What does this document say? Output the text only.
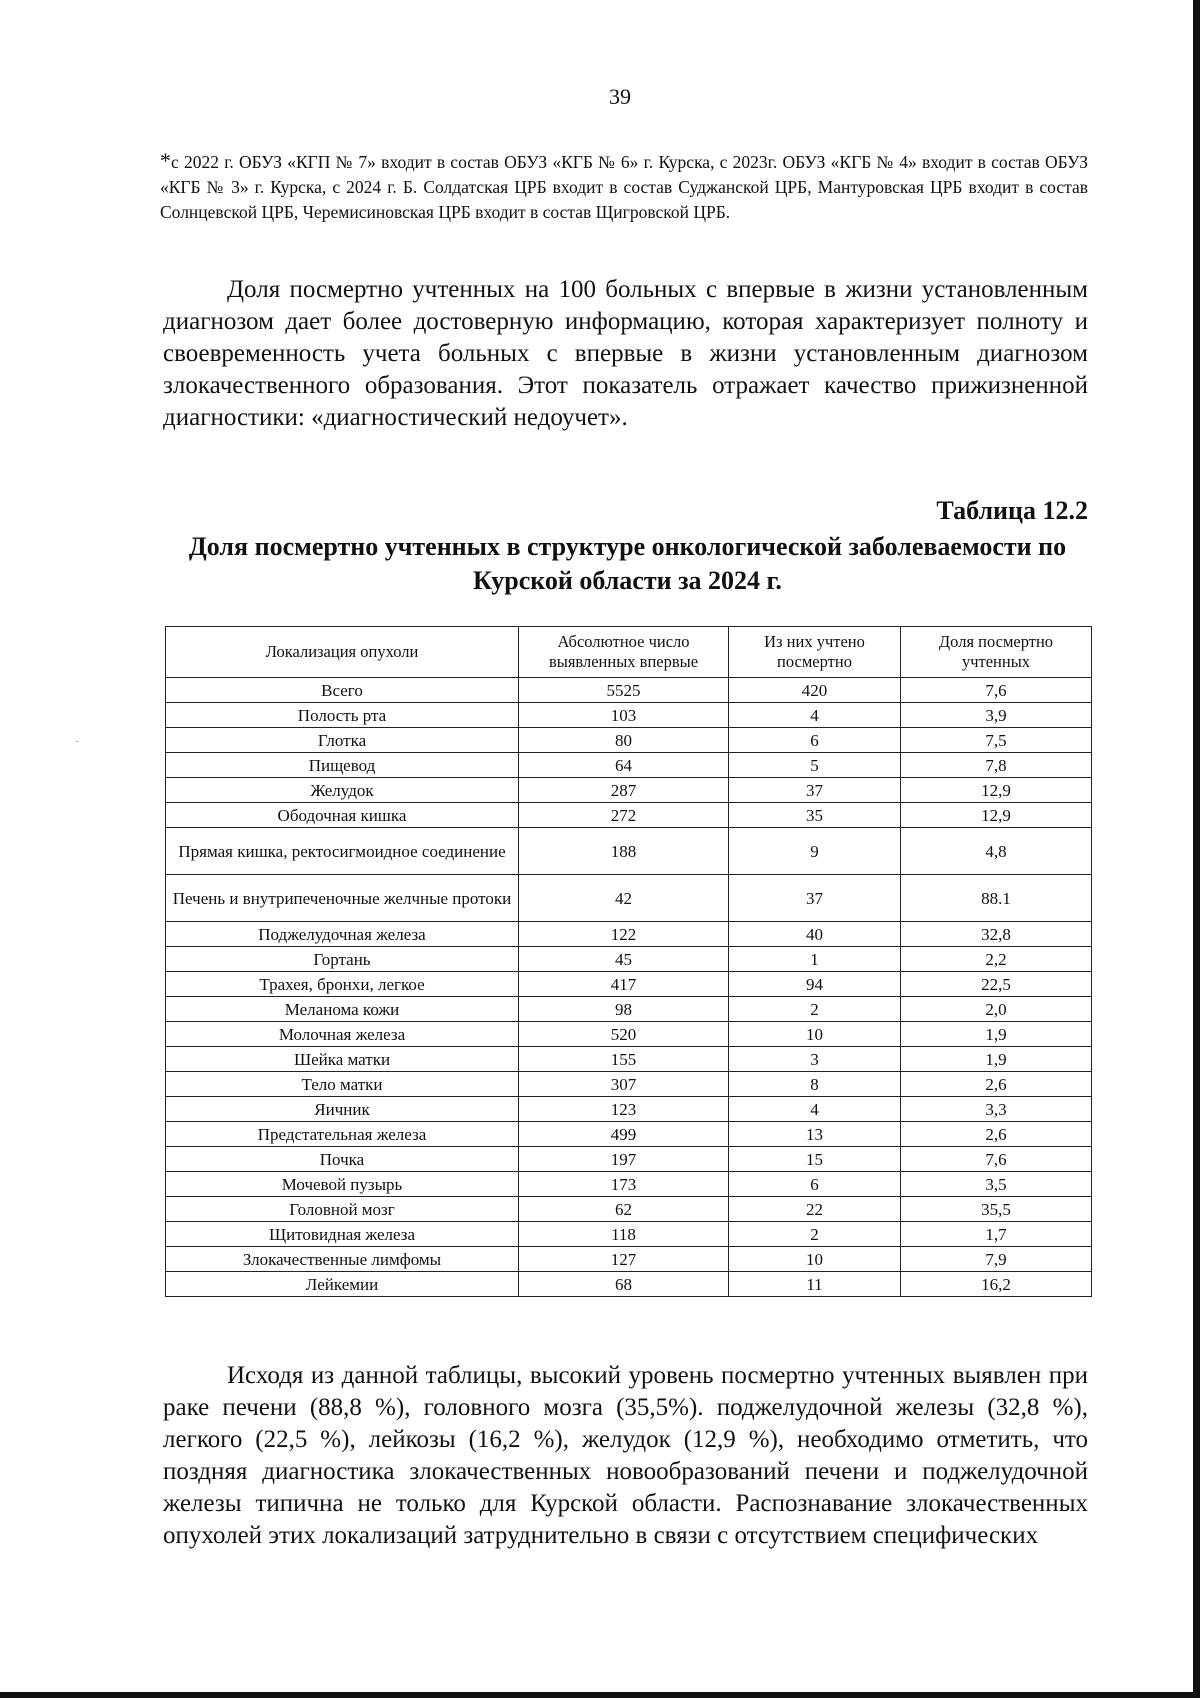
·
39
*с 2022 г. ОБУЗ «КГП № 7» входит в состав ОБУЗ «КГБ № 6» г. Курска, с 2023г. ОБУЗ «КГБ № 4» входит в состав ОБУЗ «КГБ № 3» г. Курска, с 2024 г. Б. Солдатская ЦРБ входит в состав Суджанской ЦРБ, Мантуровская ЦРБ входит в состав Солнцевской ЦРБ, Черемисиновская ЦРБ входит в состав Щигровской ЦРБ.

Доля посмертно учтенных на 100 больных с впервые в жизни установленным диагнозом дает более достоверную информацию, которая характеризует полноту и своевременность учета больных с впервые в жизни установленным диагнозом злокачественного образования. Этот показатель отражает качество прижизненной диагностики: «диагностический недоучет».

Таблица 12.2
Доля посмертно учтенных в структуре онкологической заболеваемости по Курской области за 2024 г.
Локализация опухоли	Абсолютное число выявленных впервые	Из них учтено посмертно	Доля посмертно учтенных
Всего	5525	420	7,6
Полость рта	103	4	3,9
Глотка	80	6	7,5
Пищевод	64	5	7,8
Желудок	287	37	12,9
Ободочная кишка	272	35	12,9
Прямая кишка, ректосигмоидное соединение	188	9	4,8
Печень и внутрипеченочные желчные протоки	42	37	88.1
Поджелудочная железа	122	40	32,8
Гортань	45	1	2,2
Трахея, бронхи, легкое	417	94	22,5
Меланома кожи	98	2	2,0
Молочная железа	520	10	1,9
Шейка матки	155	3	1,9
Тело матки	307	8	2,6
Яичник	123	4	3,3
Предстательная железа	499	13	2,6
Почка	197	15	7,6
Мочевой пузырь	173	6	3,5
Головной мозг	62	22	35,5
Щитовидная железа	118	2	1,7
Злокачественные лимфомы	127	10	7,9
Лейкемии	68	11	16,2

Исходя из данной таблицы, высокий уровень посмертно учтенных выявлен при раке печени (88,8 %), головного мозга (35,5%). поджелудочной железы (32,8 %), легкого (22,5 %), лейкозы (16,2 %), желудок (12,9 %), необходимо отметить, что поздняя диагностика злокачественных новообразований печени и поджелудочной железы типична не только для Курской области. Распознавание злокачественных опухолей этих локализаций затруднительно в связи с отсутствием специфических
